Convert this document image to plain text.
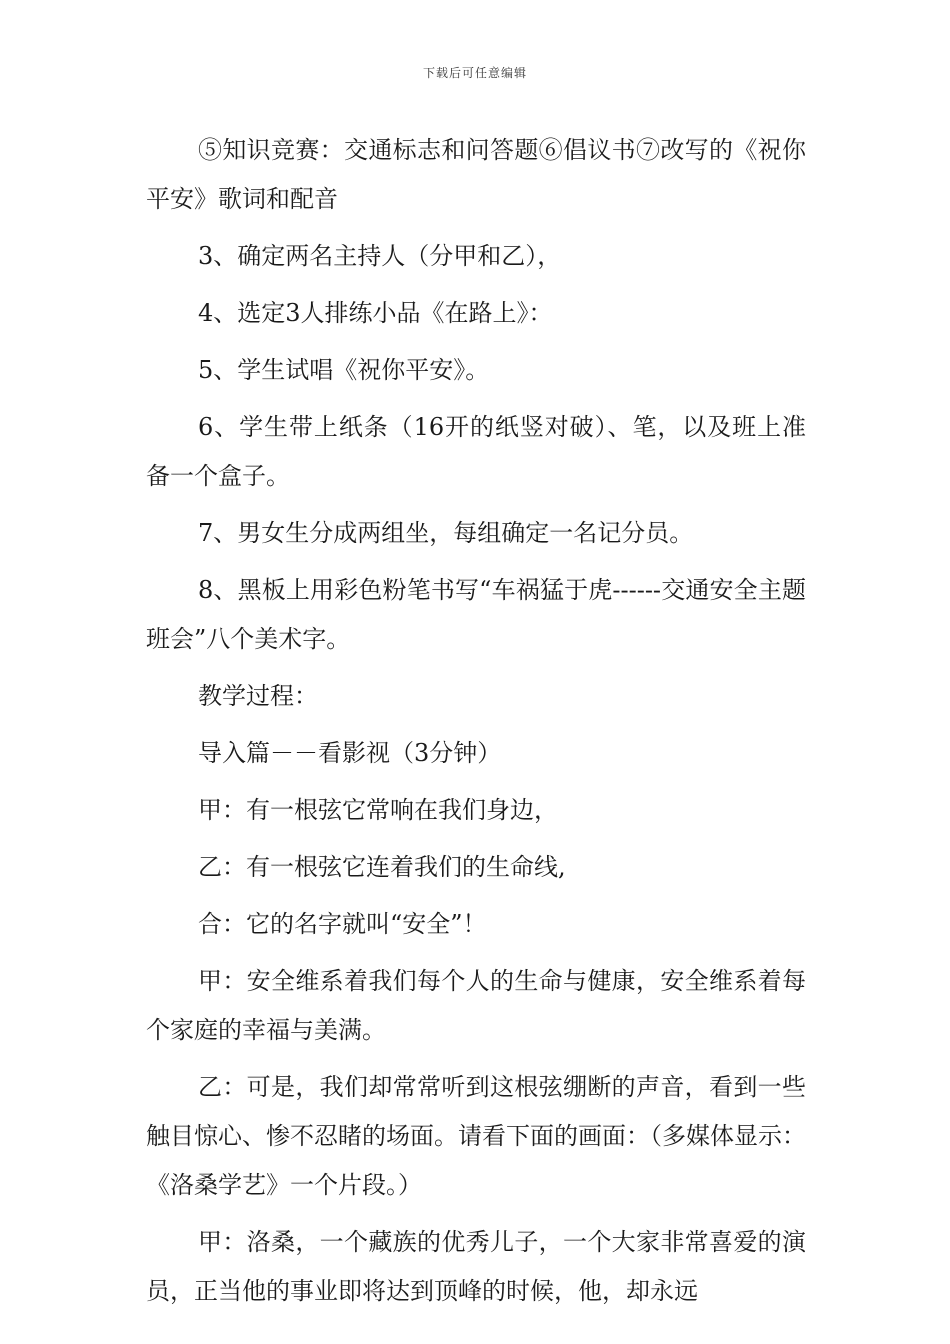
下载后可任意编辑

⑤知识竞赛：交通标志和问答题⑥倡议书⑦改写的《祝你平安》歌词和配音

3、确定两名主持人（分甲和乙），

4、选定3人排练小品《在路上》：

5、学生试唱《祝你平安》。

6、学生带上纸条（16开的纸竖对破）、笔，以及班上准备一个盒子。

7、男女生分成两组坐，每组确定一名记分员。

8、黑板上用彩色粉笔书写“车祸猛于虎------交通安全主题班会”八个美术字。

教学过程：

导入篇－－看影视（3分钟）

甲：有一根弦它常响在我们身边，

乙：有一根弦它连着我们的生命线,

合：它的名字就叫“安全”！

甲：安全维系着我们每个人的生命与健康，安全维系着每个家庭的幸福与美满。

乙：可是，我们却常常听到这根弦绷断的声音，看到一些触目惊心、惨不忍睹的场面。请看下面的画面：（多媒体显示：《洛桑学艺》一个片段。）

甲：洛桑，一个藏族的优秀儿子，一个大家非常喜爱的演员，正当他的事业即将达到顶峰的时候，他，却永远
